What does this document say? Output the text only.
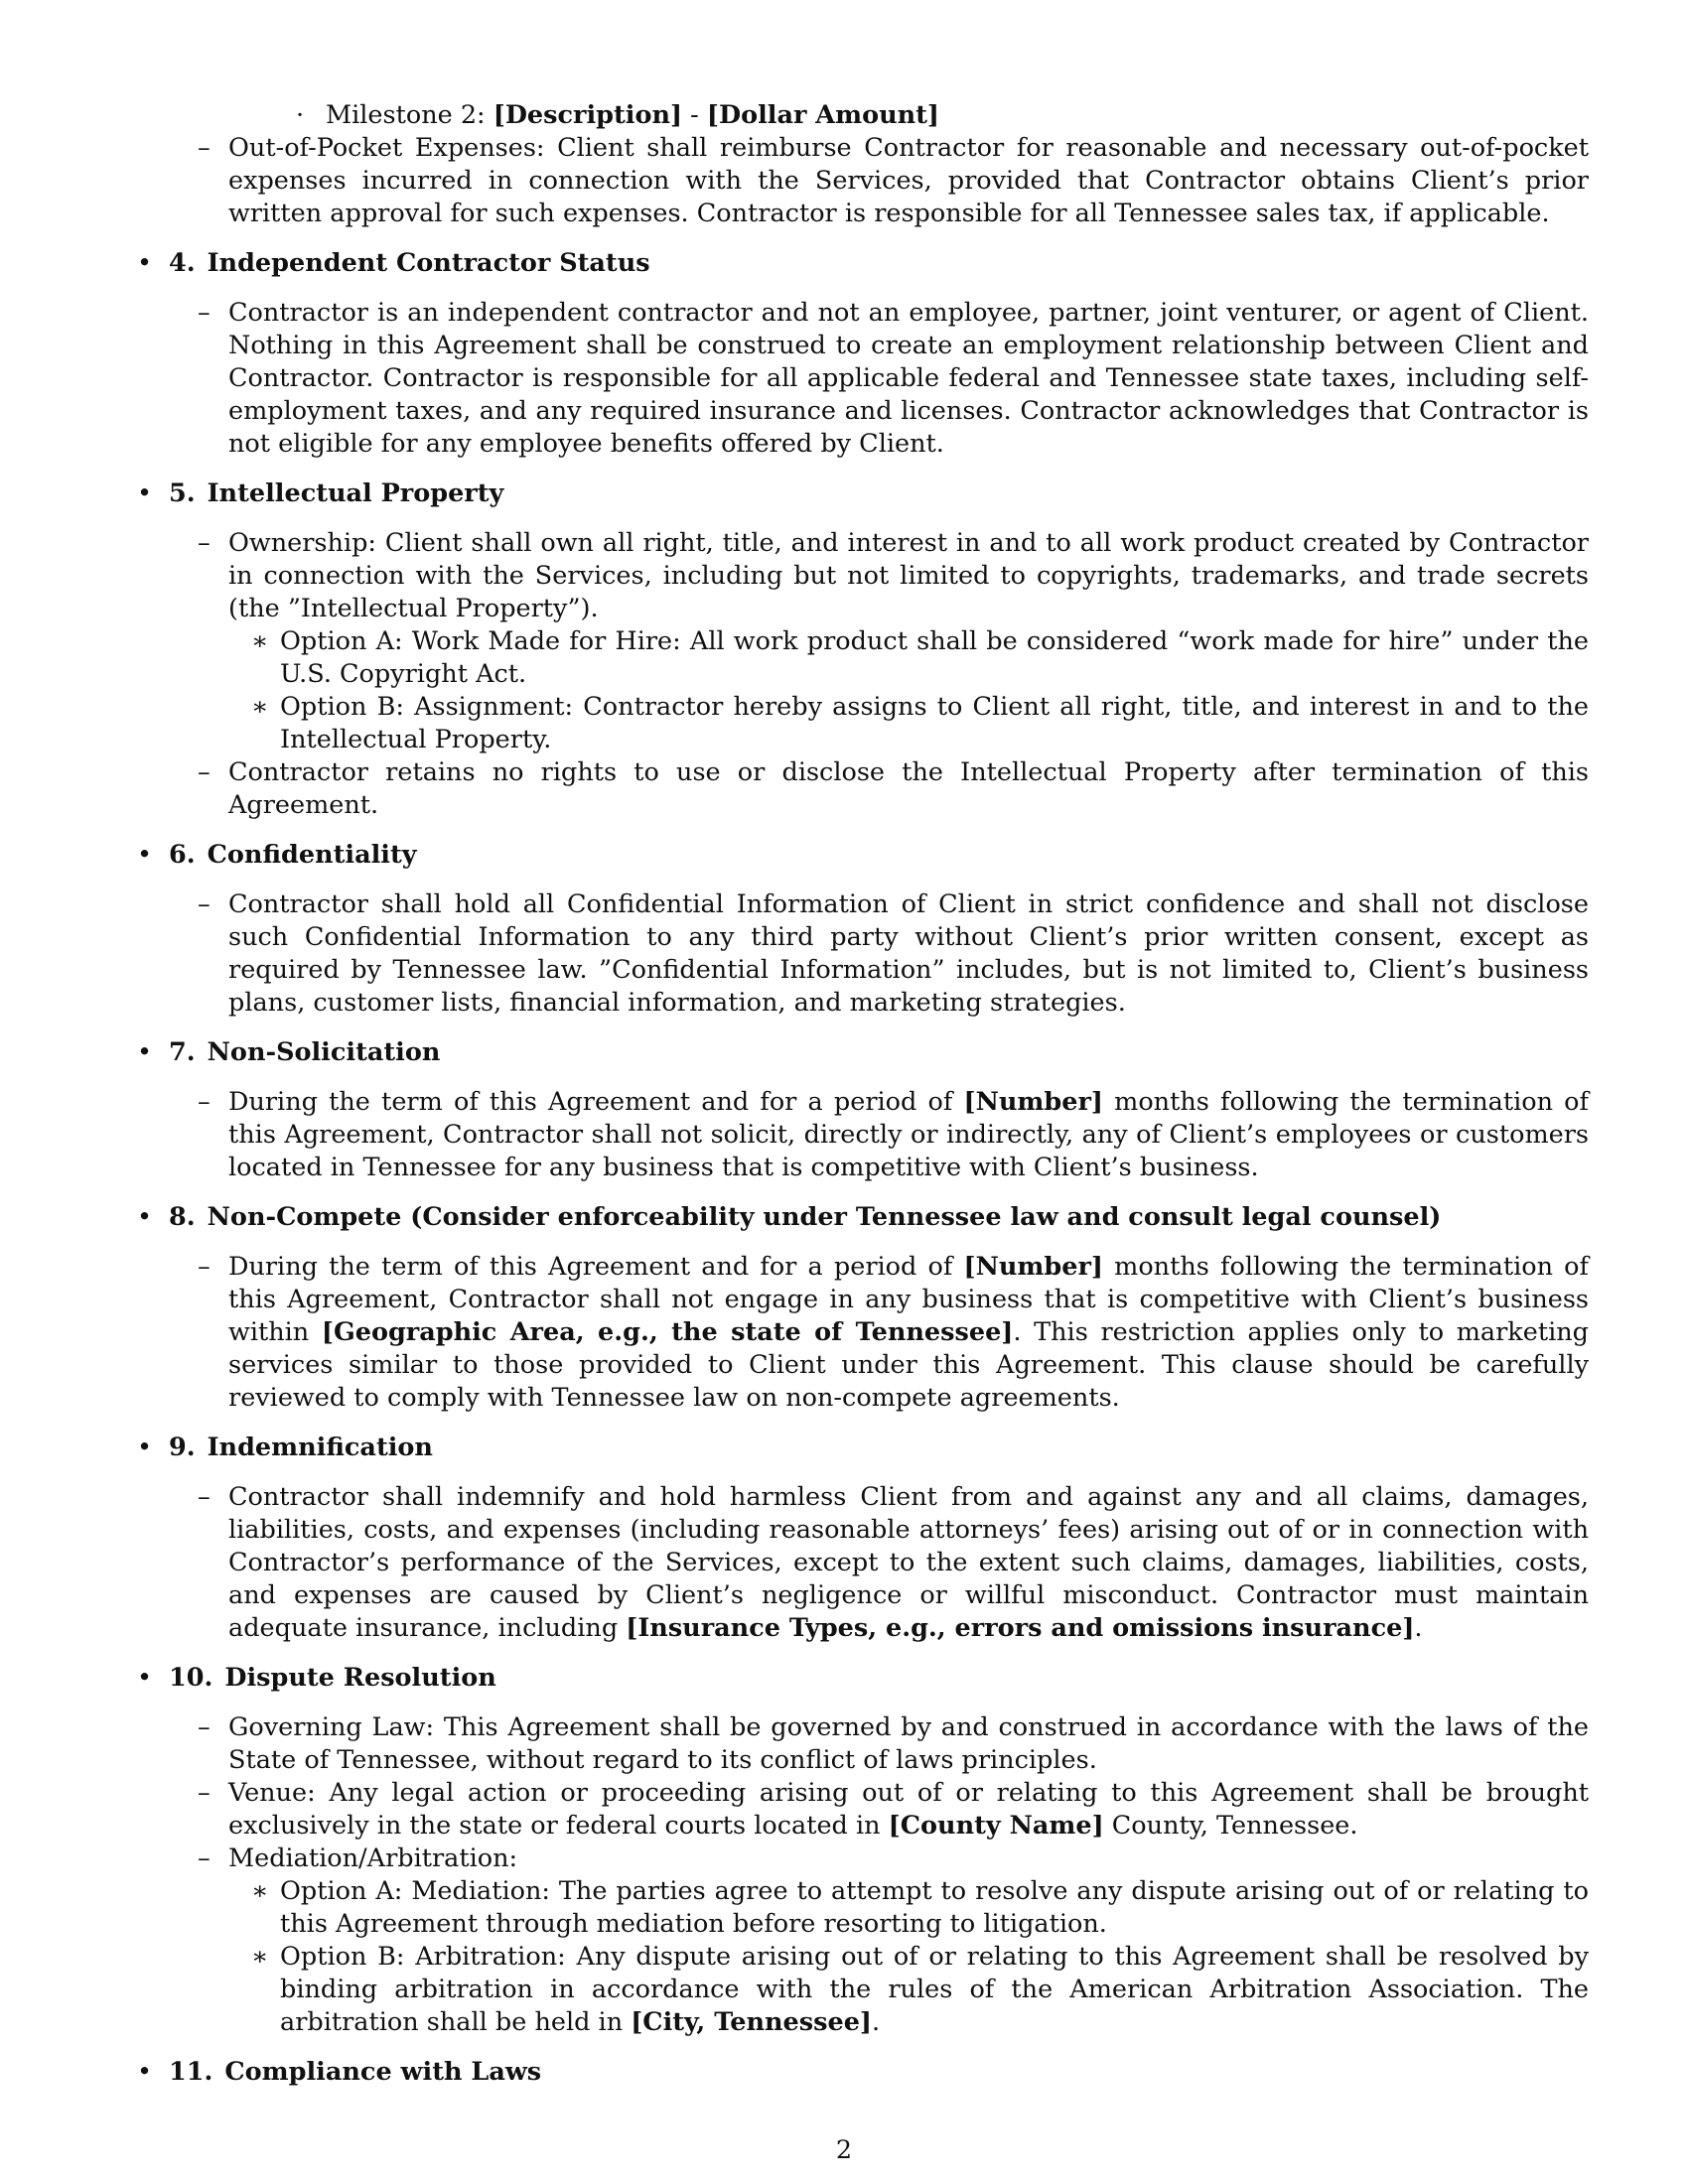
· Milestone 2: [Description] - [Dollar Amount]
– Out-of-Pocket Expenses: Client shall reimburse Contractor for reasonable and necessary out-of-pocket expenses incurred in connection with the Services, provided that Contractor obtains Client’s prior written approval for such expenses. Contractor is responsible for all Tennessee sales tax, if applicable.
• 4. Independent Contractor Status
– Contractor is an independent contractor and not an employee, partner, joint venturer, or agent of Client. Nothing in this Agreement shall be construed to create an employment relationship between Client and Contractor. Contractor is responsible for all applicable federal and Tennessee state taxes, including self-employment taxes, and any required insurance and licenses. Contractor acknowledges that Contractor is not eligible for any employee benefits offered by Client.
• 5. Intellectual Property
– Ownership: Client shall own all right, title, and interest in and to all work product created by Contractor in connection with the Services, including but not limited to copyrights, trademarks, and trade secrets (the ”Intellectual Property”).
∗ Option A: Work Made for Hire: All work product shall be considered “work made for hire” under the U.S. Copyright Act.
∗ Option B: Assignment: Contractor hereby assigns to Client all right, title, and interest in and to the Intellectual Property.
– Contractor retains no rights to use or disclose the Intellectual Property after termination of this Agreement.
• 6. Confidentiality
– Contractor shall hold all Confidential Information of Client in strict confidence and shall not disclose such Confidential Information to any third party without Client’s prior written consent, except as required by Tennessee law. ”Confidential Information” includes, but is not limited to, Client’s business plans, customer lists, financial information, and marketing strategies.
• 7. Non-Solicitation
– During the term of this Agreement and for a period of [Number] months following the termination of this Agreement, Contractor shall not solicit, directly or indirectly, any of Client’s employees or customers located in Tennessee for any business that is competitive with Client’s business.
• 8. Non-Compete (Consider enforceability under Tennessee law and consult legal counsel)
– During the term of this Agreement and for a period of [Number] months following the termination of this Agreement, Contractor shall not engage in any business that is competitive with Client’s business within [Geographic Area, e.g., the state of Tennessee]. This restriction applies only to marketing services similar to those provided to Client under this Agreement. This clause should be carefully reviewed to comply with Tennessee law on non-compete agreements.
• 9. Indemnification
– Contractor shall indemnify and hold harmless Client from and against any and all claims, damages, liabilities, costs, and expenses (including reasonable attorneys’ fees) arising out of or in connection with Contractor’s performance of the Services, except to the extent such claims, damages, liabilities, costs, and expenses are caused by Client’s negligence or willful misconduct. Contractor must maintain adequate insurance, including [Insurance Types, e.g., errors and omissions insurance].
• 10. Dispute Resolution
– Governing Law: This Agreement shall be governed by and construed in accordance with the laws of the State of Tennessee, without regard to its conflict of laws principles.
– Venue: Any legal action or proceeding arising out of or relating to this Agreement shall be brought exclusively in the state or federal courts located in [County Name] County, Tennessee.
– Mediation/Arbitration:
∗ Option A: Mediation: The parties agree to attempt to resolve any dispute arising out of or relating to this Agreement through mediation before resorting to litigation.
∗ Option B: Arbitration: Any dispute arising out of or relating to this Agreement shall be resolved by binding arbitration in accordance with the rules of the American Arbitration Association. The arbitration shall be held in [City, Tennessee].
• 11. Compliance with Laws
2
